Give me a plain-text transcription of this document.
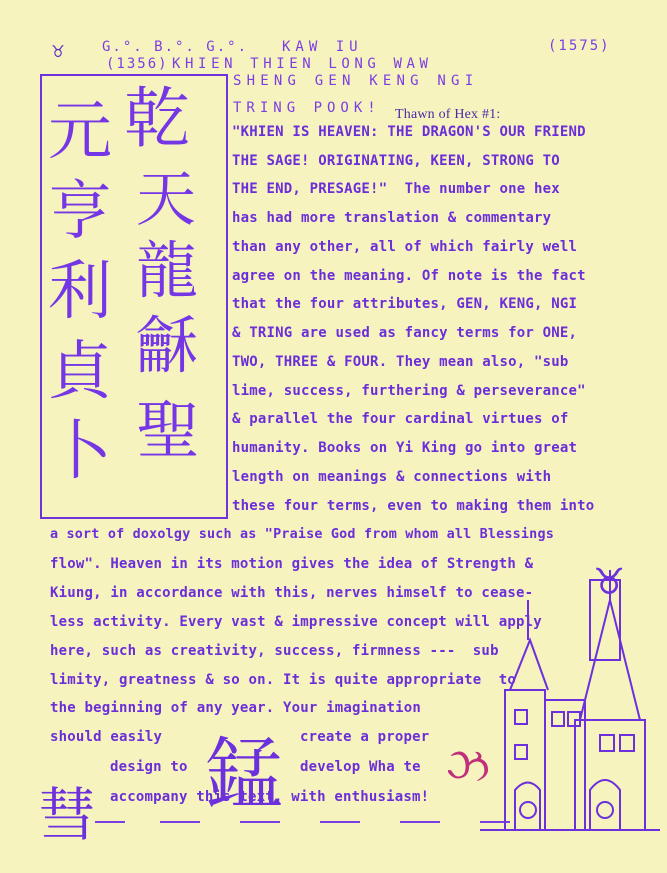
♉	G.°. B.°. G.°. KAW IU	(1575)
(1356) KHIEN THIEN LONG WAW
SHENG GEN KENG NGI
TRING POOK! Thawn of Hex #1:
乾
天
龍
龢
聖
元
亨
利
貞
卜
"KHIEN IS HEAVEN: THE DRAGON'S OUR FRIEND
THE SAGE! ORIGINATING, KEEN, STRONG TO
THE END, PRESAGE!"  The number one hex
has had more translation & commentary
than any other, all of which fairly well
agree on the meaning. Of note is the fact
that the four attributes, GEN, KENG, NGI
& TRING are used as fancy terms for ONE,
TWO, THREE & FOUR. They mean also, "sub
lime, success, furthering & perseverance"
& parallel the four cardinal virtues of
humanity. Books on Yi King go into great
length on meanings & connections with
these four terms, even to making them into
a sort of doxolgy such as "Praise God from whom all Blessings
flow". Heaven in its motion gives the idea of Strength &
Kiung, in accordance with this, nerves himself to cease-
less activity. Every vast & impressive concept will apply
here, such as creativity, success, firmness ---  sub
limity, greatness & so on. It is quite appropriate  to
the beginning of any year. Your imagination
should easily	create a proper
design to	develop Wha te
accompany this text, with enthusiasm!
錳
彗
ઝ
♉
